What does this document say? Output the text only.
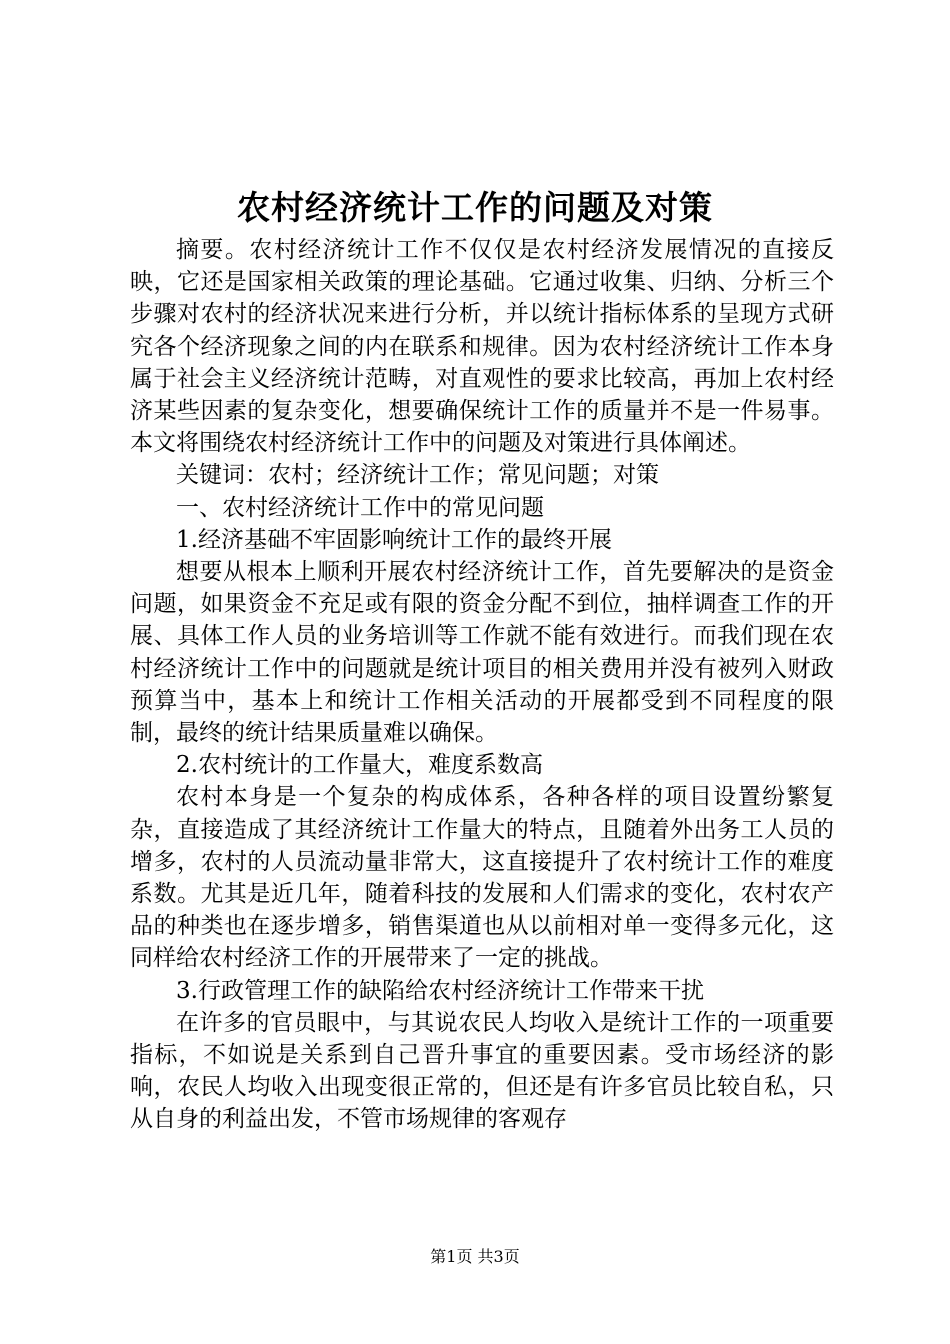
农村经济统计工作的问题及对策

摘要。农村经济统计工作不仅仅是农村经济发展情况的直接反映，它还是国家相关政策的理论基础。它通过收集、归纳、分析三个步骤对农村的经济状况来进行分析，并以统计指标体系的呈现方式研究各个经济现象之间的内在联系和规律。因为农村经济统计工作本身属于社会主义经济统计范畴，对直观性的要求比较高，再加上农村经济某些因素的复杂变化，想要确保统计工作的质量并不是一件易事。本文将围绕农村经济统计工作中的问题及对策进行具体阐述。

关键词：农村；经济统计工作；常见问题；对策

一、农村经济统计工作中的常见问题

1.经济基础不牢固影响统计工作的最终开展

想要从根本上顺利开展农村经济统计工作，首先要解决的是资金问题，如果资金不充足或有限的资金分配不到位，抽样调查工作的开展、具体工作人员的业务培训等工作就不能有效进行。而我们现在农村经济统计工作中的问题就是统计项目的相关费用并没有被列入财政预算当中，基本上和统计工作相关活动的开展都受到不同程度的限制，最终的统计结果质量难以确保。

2.农村统计的工作量大，难度系数高

农村本身是一个复杂的构成体系，各种各样的项目设置纷繁复杂，直接造成了其经济统计工作量大的特点，且随着外出务工人员的增多，农村的人员流动量非常大，这直接提升了农村统计工作的难度系数。尤其是近几年，随着科技的发展和人们需求的变化，农村农产品的种类也在逐步增多，销售渠道也从以前相对单一变得多元化，这同样给农村经济工作的开展带来了一定的挑战。

3.行政管理工作的缺陷给农村经济统计工作带来干扰

在许多的官员眼中，与其说农民人均收入是统计工作的一项重要指标，不如说是关系到自己晋升事宜的重要因素。受市场经济的影响，农民人均收入出现变很正常的，但还是有许多官员比较自私，只从自身的利益出发，不管市场规律的客观存

第1页 共3页
